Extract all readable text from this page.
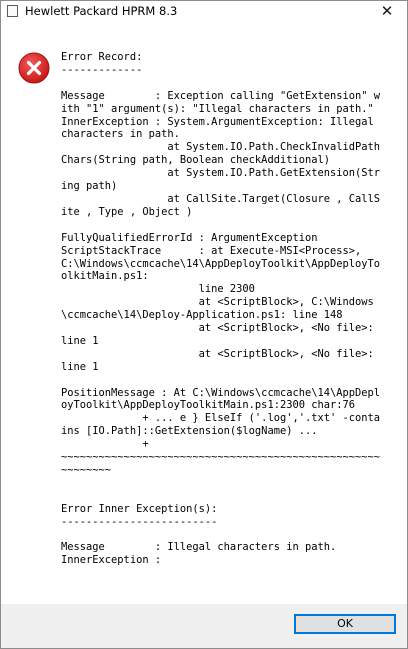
Hewlett Packard HPRM 8.3	✕
Error Record:
-------------

Message        : Exception calling "GetExtension" with "1" argument(s): "Illegal characters in path."
InnerException : System.ArgumentException: Illegal characters in path.
at System.IO.Path.CheckInvalidPathChars(String path, Boolean checkAdditional)
at System.IO.Path.GetExtension(String path)
at CallSite.Target(Closure , CallSite , Type , Object )

FullyQualifiedErrorId : ArgumentException
ScriptStackTrace      : at Execute-MSI<Process>, C:\Windows\ccmcache\14\AppDeployToolkit\AppDeployToolkitMain.ps1:
line 2300
at <ScriptBlock>, C:\Windows\ccmcache\14\Deploy-Application.ps1: line 148
at <ScriptBlock>, <No file>: line 1
at <ScriptBlock>, <No file>: line 1

PositionMessage : At C:\Windows\ccmcache\14\AppDeployToolkit\AppDeployToolkitMain.ps1:2300 char:76
+ ... e } ElseIf ('.log','.txt' -contains [IO.Path]::GetExtension($logName) ...
+
~~~~~~~~~~~~~~~~~~~~~~~~~~~~~~~~~~~~~~~~~~~~~~~~~~~~~~~~~~~

Error Inner Exception(s):
-------------------------

Message        : Illegal characters in path.
InnerException :
OK
